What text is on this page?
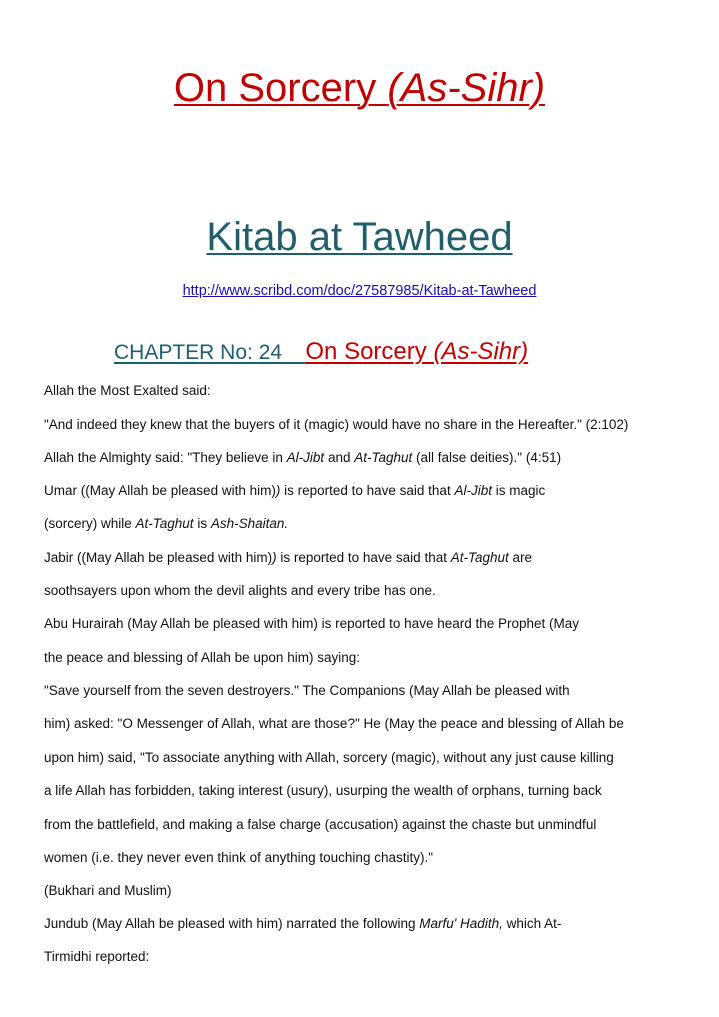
On Sorcery (As-Sihr)
Kitab at Tawheed
http://www.scribd.com/doc/27587985/Kitab-at-Tawheed
CHAPTER No: 24    On Sorcery (As-Sihr)
Allah the Most Exalted said:
"And indeed they knew that the buyers of it (magic) would have no share in the Hereafter." (2:102)
Allah the Almighty said: "They believe in Al-Jibt and At-Taghut (all false deities)." (4:51)
Umar ((May Allah be pleased with him)) is reported to have said that Al-Jibt is magic
(sorcery) while At-Taghut is Ash-Shaitan.
Jabir ((May Allah be pleased with him)) is reported to have said that At-Taghut are
soothsayers upon whom the devil alights and every tribe has one.
Abu Hurairah (May Allah be pleased with him) is reported to have heard the Prophet (May
the peace and blessing of Allah be upon him) saying:
"Save yourself from the seven destroyers." The Companions (May Allah be pleased with
him) asked: "O Messenger of Allah, what are those?" He (May the peace and blessing of Allah be
upon him) said, "To associate anything with Allah, sorcery (magic), without any just cause killing
a life Allah has forbidden, taking interest (usury), usurping the wealth of orphans, turning back
from the battlefield, and making a false charge (accusation) against the chaste but unmindful
women (i.e. they never even think of anything touching chastity)."
(Bukhari and Muslim)
Jundub (May Allah be pleased with him) narrated the following Marfu' Hadith, which At-
Tirmidhi reported:
